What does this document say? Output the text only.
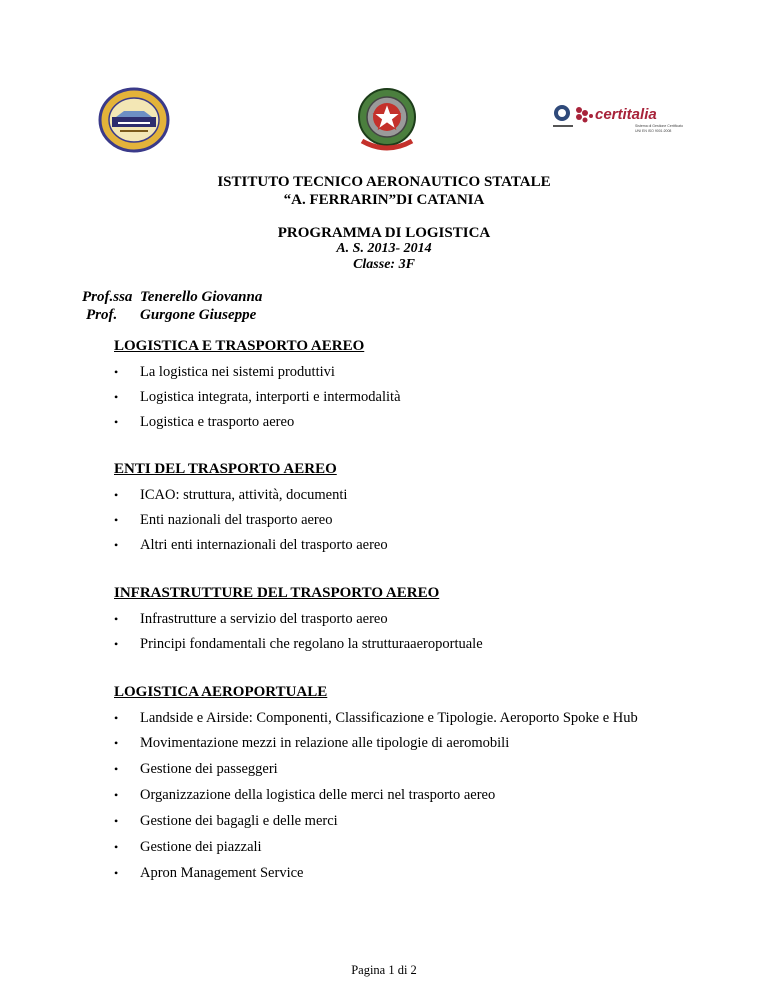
certitalia
Sistema di Gestione Certificato
UNI EN ISO 9001:2008
ISTITUTO TECNICO AERONAUTICO STATALE
“A. FERRARIN”DI CATANIA
PROGRAMMA DI LOGISTICA
A. S. 2013- 2014
Classe: 3F
Prof.ssa Tenerello Giovanna
Prof. Gurgone Giuseppe
LOGISTICA E TRASPORTO AEREO
• La logistica nei sistemi produttivi
• Logistica integrata, interporti e intermodalità
• Logistica e trasporto aereo
ENTI DEL TRASPORTO AEREO
• ICAO: struttura, attività, documenti
• Enti nazionali del trasporto aereo
• Altri enti internazionali del trasporto aereo
INFRASTRUTTURE DEL TRASPORTO AEREO
• Infrastrutture a servizio del trasporto aereo
• Principi fondamentali che regolano la strutturaaeroportuale
LOGISTICA AEROPORTUALE
• Landside e Airside: Componenti, Classificazione e Tipologie. Aeroporto Spoke e Hub
• Movimentazione mezzi in relazione alle tipologie di aeromobili
• Gestione dei passeggeri
• Organizzazione della logistica delle merci nel trasporto aereo
• Gestione dei bagagli e delle merci
• Gestione dei piazzali
• Apron Management Service
Pagina 1 di 2
